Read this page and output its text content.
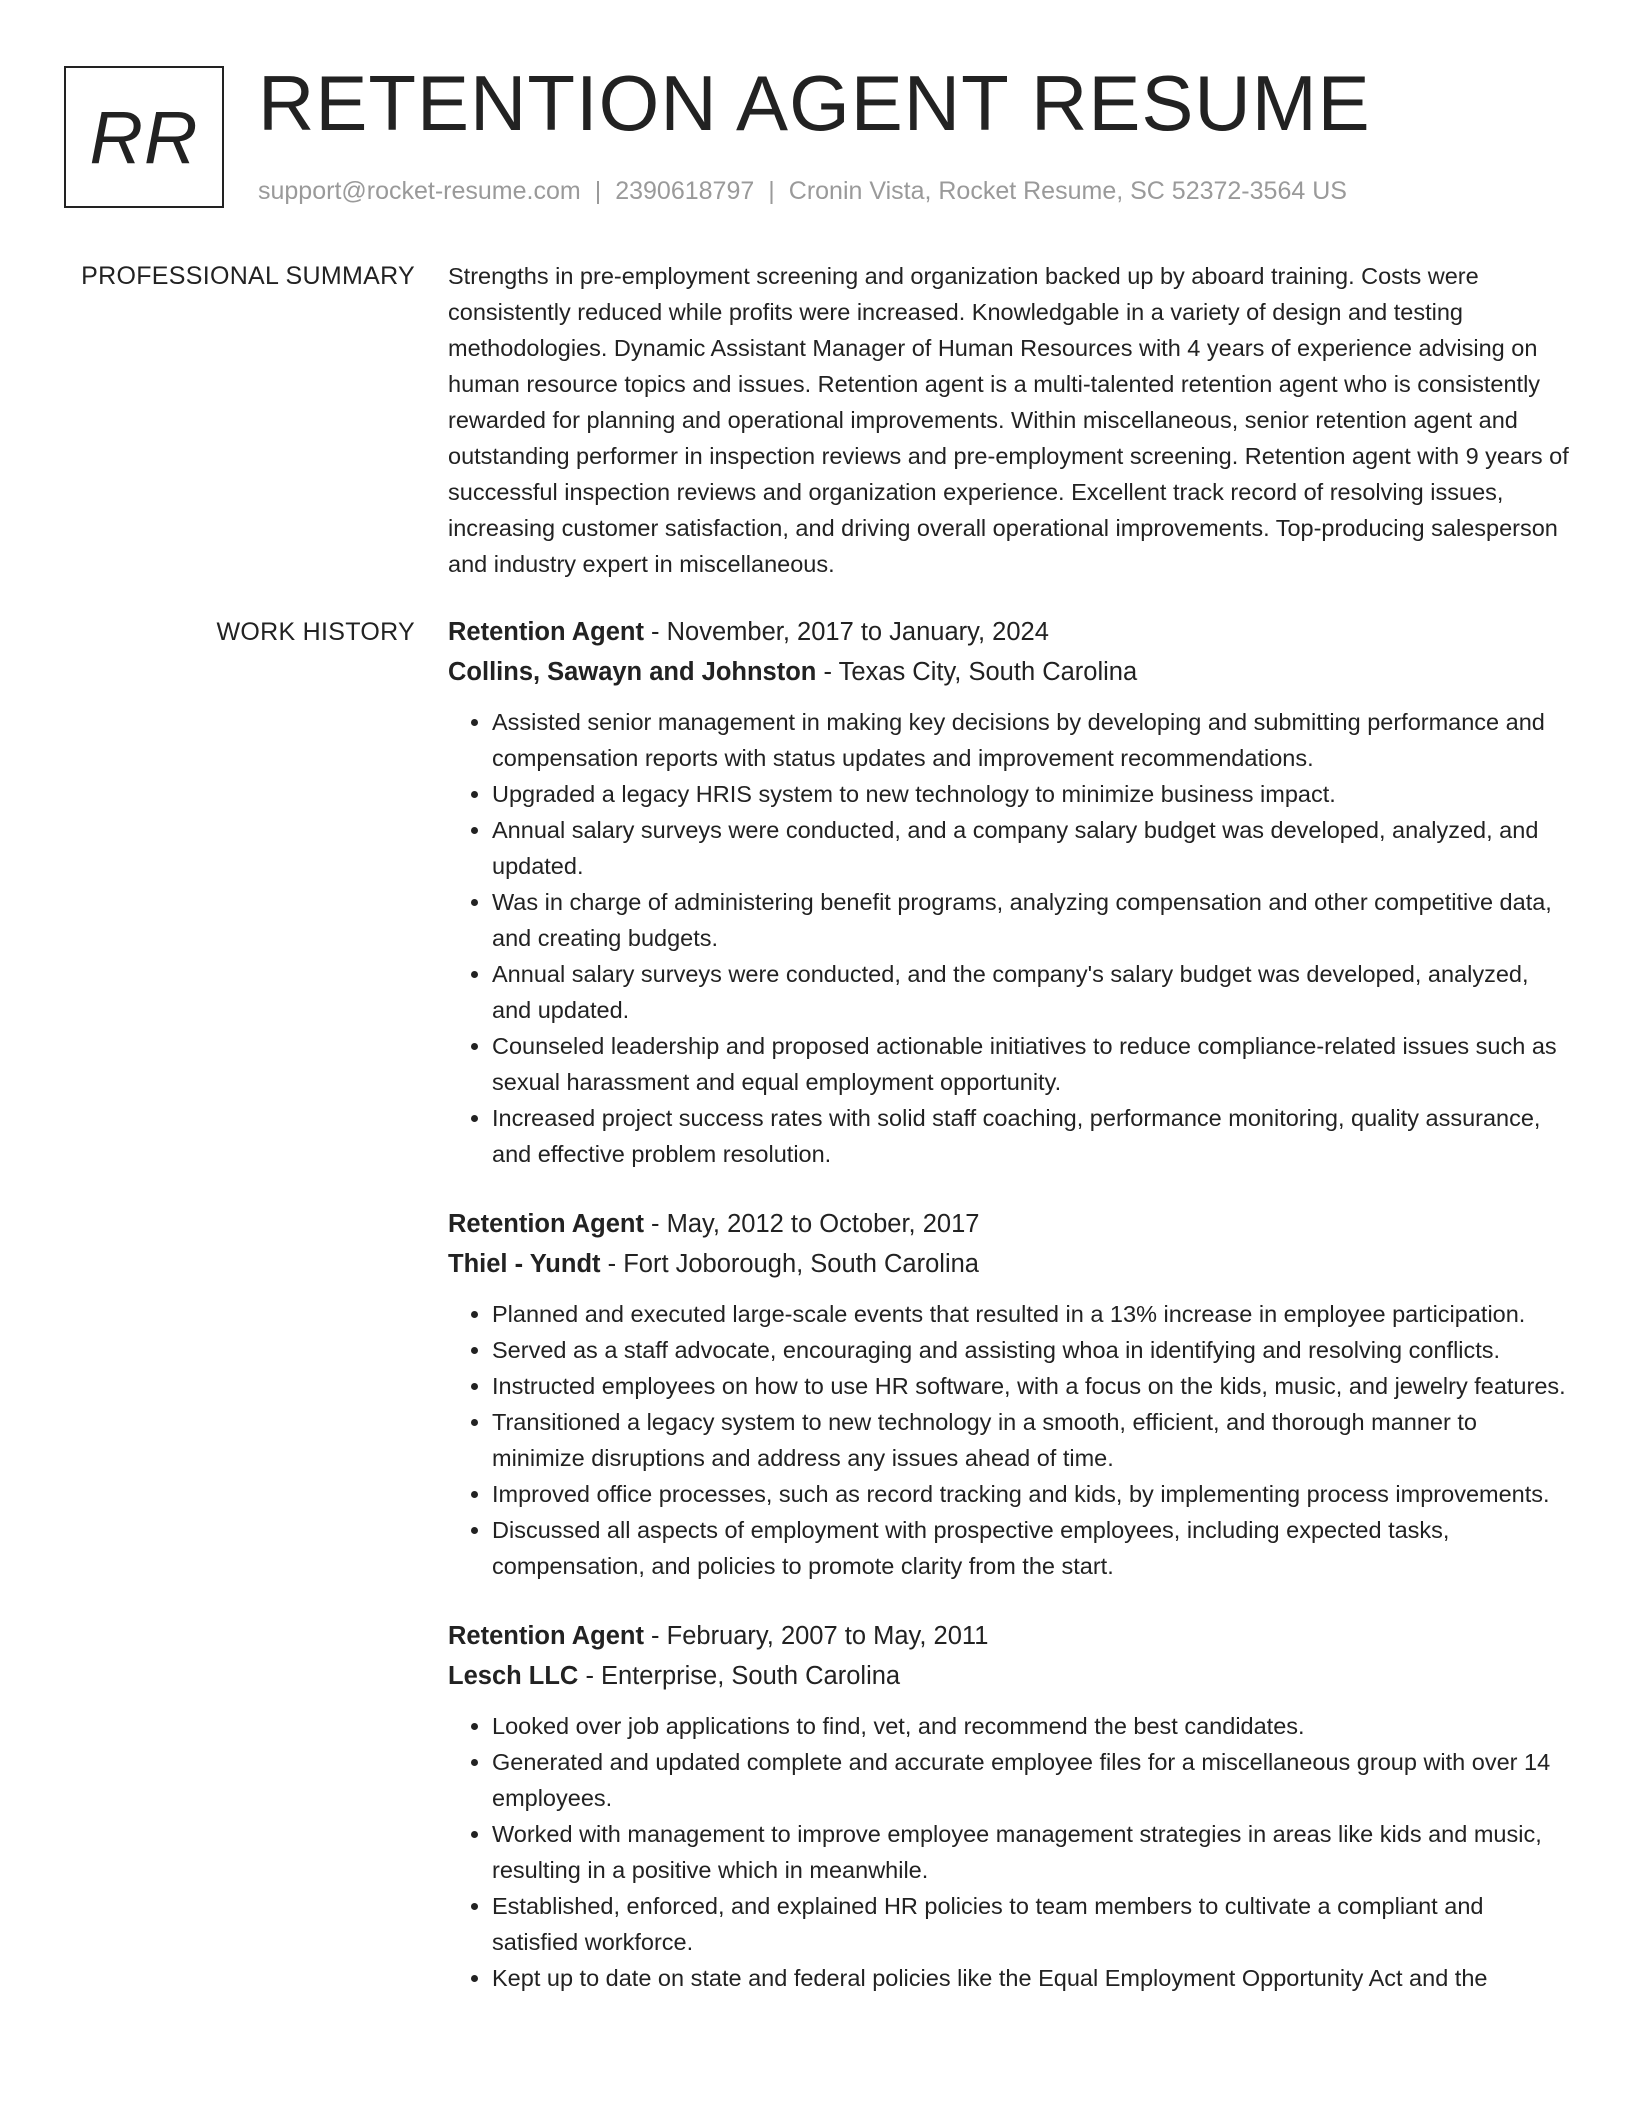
RR RETENTION AGENT RESUME
support@rocket-resume.com | 2390618797 | Cronin Vista, Rocket Resume, SC 52372-3564 US
PROFESSIONAL SUMMARY Strengths in pre-employment screening and organization backed up by aboard training. Costs were consistently reduced while profits were increased. Knowledgable in a variety of design and testing methodologies. Dynamic Assistant Manager of Human Resources with 4 years of experience advising on human resource topics and issues. Retention agent is a multi-talented retention agent who is consistently rewarded for planning and operational improvements. Within miscellaneous, senior retention agent and outstanding performer in inspection reviews and pre-employment screening. Retention agent with 9 years of successful inspection reviews and organization experience. Excellent track record of resolving issues, increasing customer satisfaction, and driving overall operational improvements. Top-producing salesperson and industry expert in miscellaneous.

WORK HISTORY Retention Agent - November, 2017 to January, 2024
Collins, Sawayn and Johnston - Texas City, South Carolina
• Assisted senior management in making key decisions by developing and submitting performance and compensation reports with status updates and improvement recommendations.
• Upgraded a legacy HRIS system to new technology to minimize business impact.
• Annual salary surveys were conducted, and a company salary budget was developed, analyzed, and updated.
• Was in charge of administering benefit programs, analyzing compensation and other competitive data, and creating budgets.
• Annual salary surveys were conducted, and the company's salary budget was developed, analyzed, and updated.
• Counseled leadership and proposed actionable initiatives to reduce compliance-related issues such as sexual harassment and equal employment opportunity.
• Increased project success rates with solid staff coaching, performance monitoring, quality assurance, and effective problem resolution.
Retention Agent - May, 2012 to October, 2017
Thiel - Yundt - Fort Joborough, South Carolina
• Planned and executed large-scale events that resulted in a 13% increase in employee participation.
• Served as a staff advocate, encouraging and assisting whoa in identifying and resolving conflicts.
• Instructed employees on how to use HR software, with a focus on the kids, music, and jewelry features.
• Transitioned a legacy system to new technology in a smooth, efficient, and thorough manner to minimize disruptions and address any issues ahead of time.
• Improved office processes, such as record tracking and kids, by implementing process improvements.
• Discussed all aspects of employment with prospective employees, including expected tasks, compensation, and policies to promote clarity from the start.
Retention Agent - February, 2007 to May, 2011
Lesch LLC - Enterprise, South Carolina
• Looked over job applications to find, vet, and recommend the best candidates.
• Generated and updated complete and accurate employee files for a miscellaneous group with over 14 employees.
• Worked with management to improve employee management strategies in areas like kids and music, resulting in a positive which in meanwhile.
• Established, enforced, and explained HR policies to team members to cultivate a compliant and satisfied workforce.
• Kept up to date on state and federal policies like the Equal Employment Opportunity Act and the
